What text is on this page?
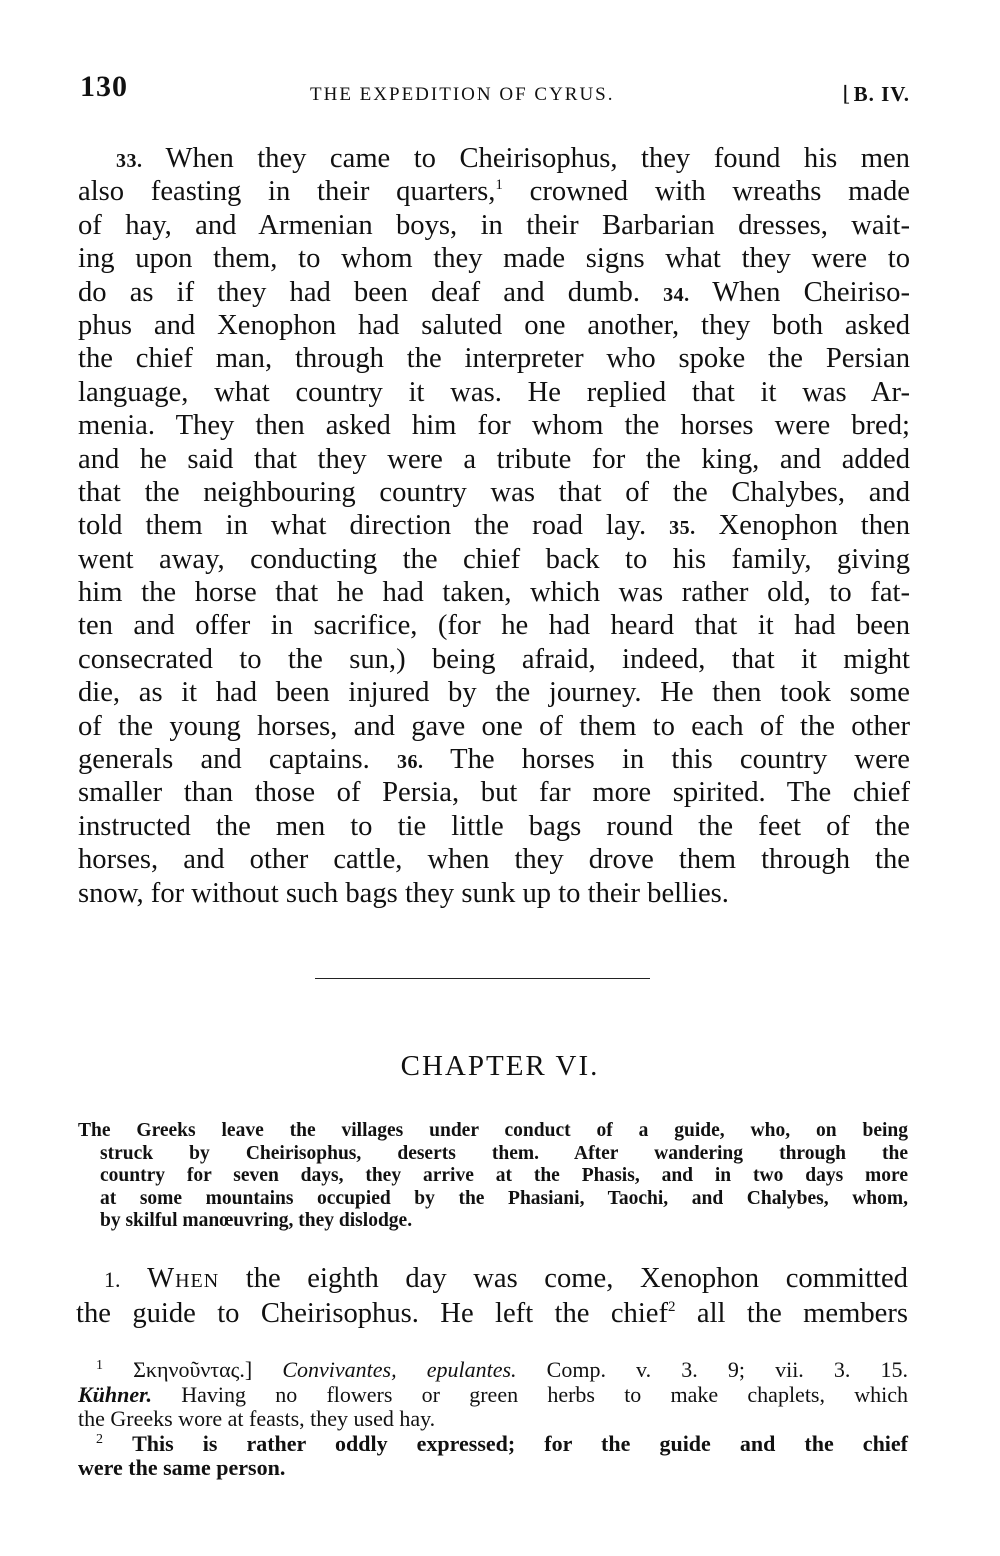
130	THE EXPEDITION OF CYRUS.	⌊B. IV.
33. When they came to Cheirisophus, they found his men
also feasting in their quarters,$^1$ crowned with wreaths made
of hay, and Armenian boys, in their Barbarian dresses, wait-
ing upon them, to whom they made signs what they were to
do as if they had been deaf and dumb. 34. When Cheiriso-
phus and Xenophon had saluted one another, they both asked
the chief man, through the interpreter who spoke the Persian
language, what country it was. He replied that it was Ar-
menia. They then asked him for whom the horses were bred;
and he said that they were a tribute for the king, and added
that the neighbouring country was that of the Chalybes, and
told them in what direction the road lay. 35. Xenophon then
went away, conducting the chief back to his family, giving
him the horse that he had taken, which was rather old, to fat-
ten and offer in sacrifice, (for he had heard that it had been
consecrated to the sun,) being afraid, indeed, that it might
die, as it had been injured by the journey. He then took some
of the young horses, and gave one of them to each of the other
generals and captains. 36. The horses in this country were
smaller than those of Persia, but far more spirited. The chief
instructed the men to tie little bags round the feet of the
horses, and other cattle, when they drove them through the
snow, for without such bags they sunk up to their bellies.
CHAPTER VI.
The Greeks leave the villages under conduct of a guide, who, on being
struck by Cheirisophus, deserts them. After wandering through the
country for seven days, they arrive at the Phasis, and in two days more
at some mountains occupied by the Phasiani, Taochi, and Chalybes, whom,
by skilful manœuvring, they dislodge.
1. When the eighth day was come, Xenophon committed
the guide to Cheirisophus. He left the chief$^2$ all the members
$^1$ Σκηνοῦντας.] Convivantes, epulantes. Comp. v. 3. 9; vii. 3. 15.
Kühner. Having no flowers or green herbs to make chaplets, which
the Greeks wore at feasts, they used hay.
$^2$ This is rather oddly expressed; for the guide and the chief
were the same person.
